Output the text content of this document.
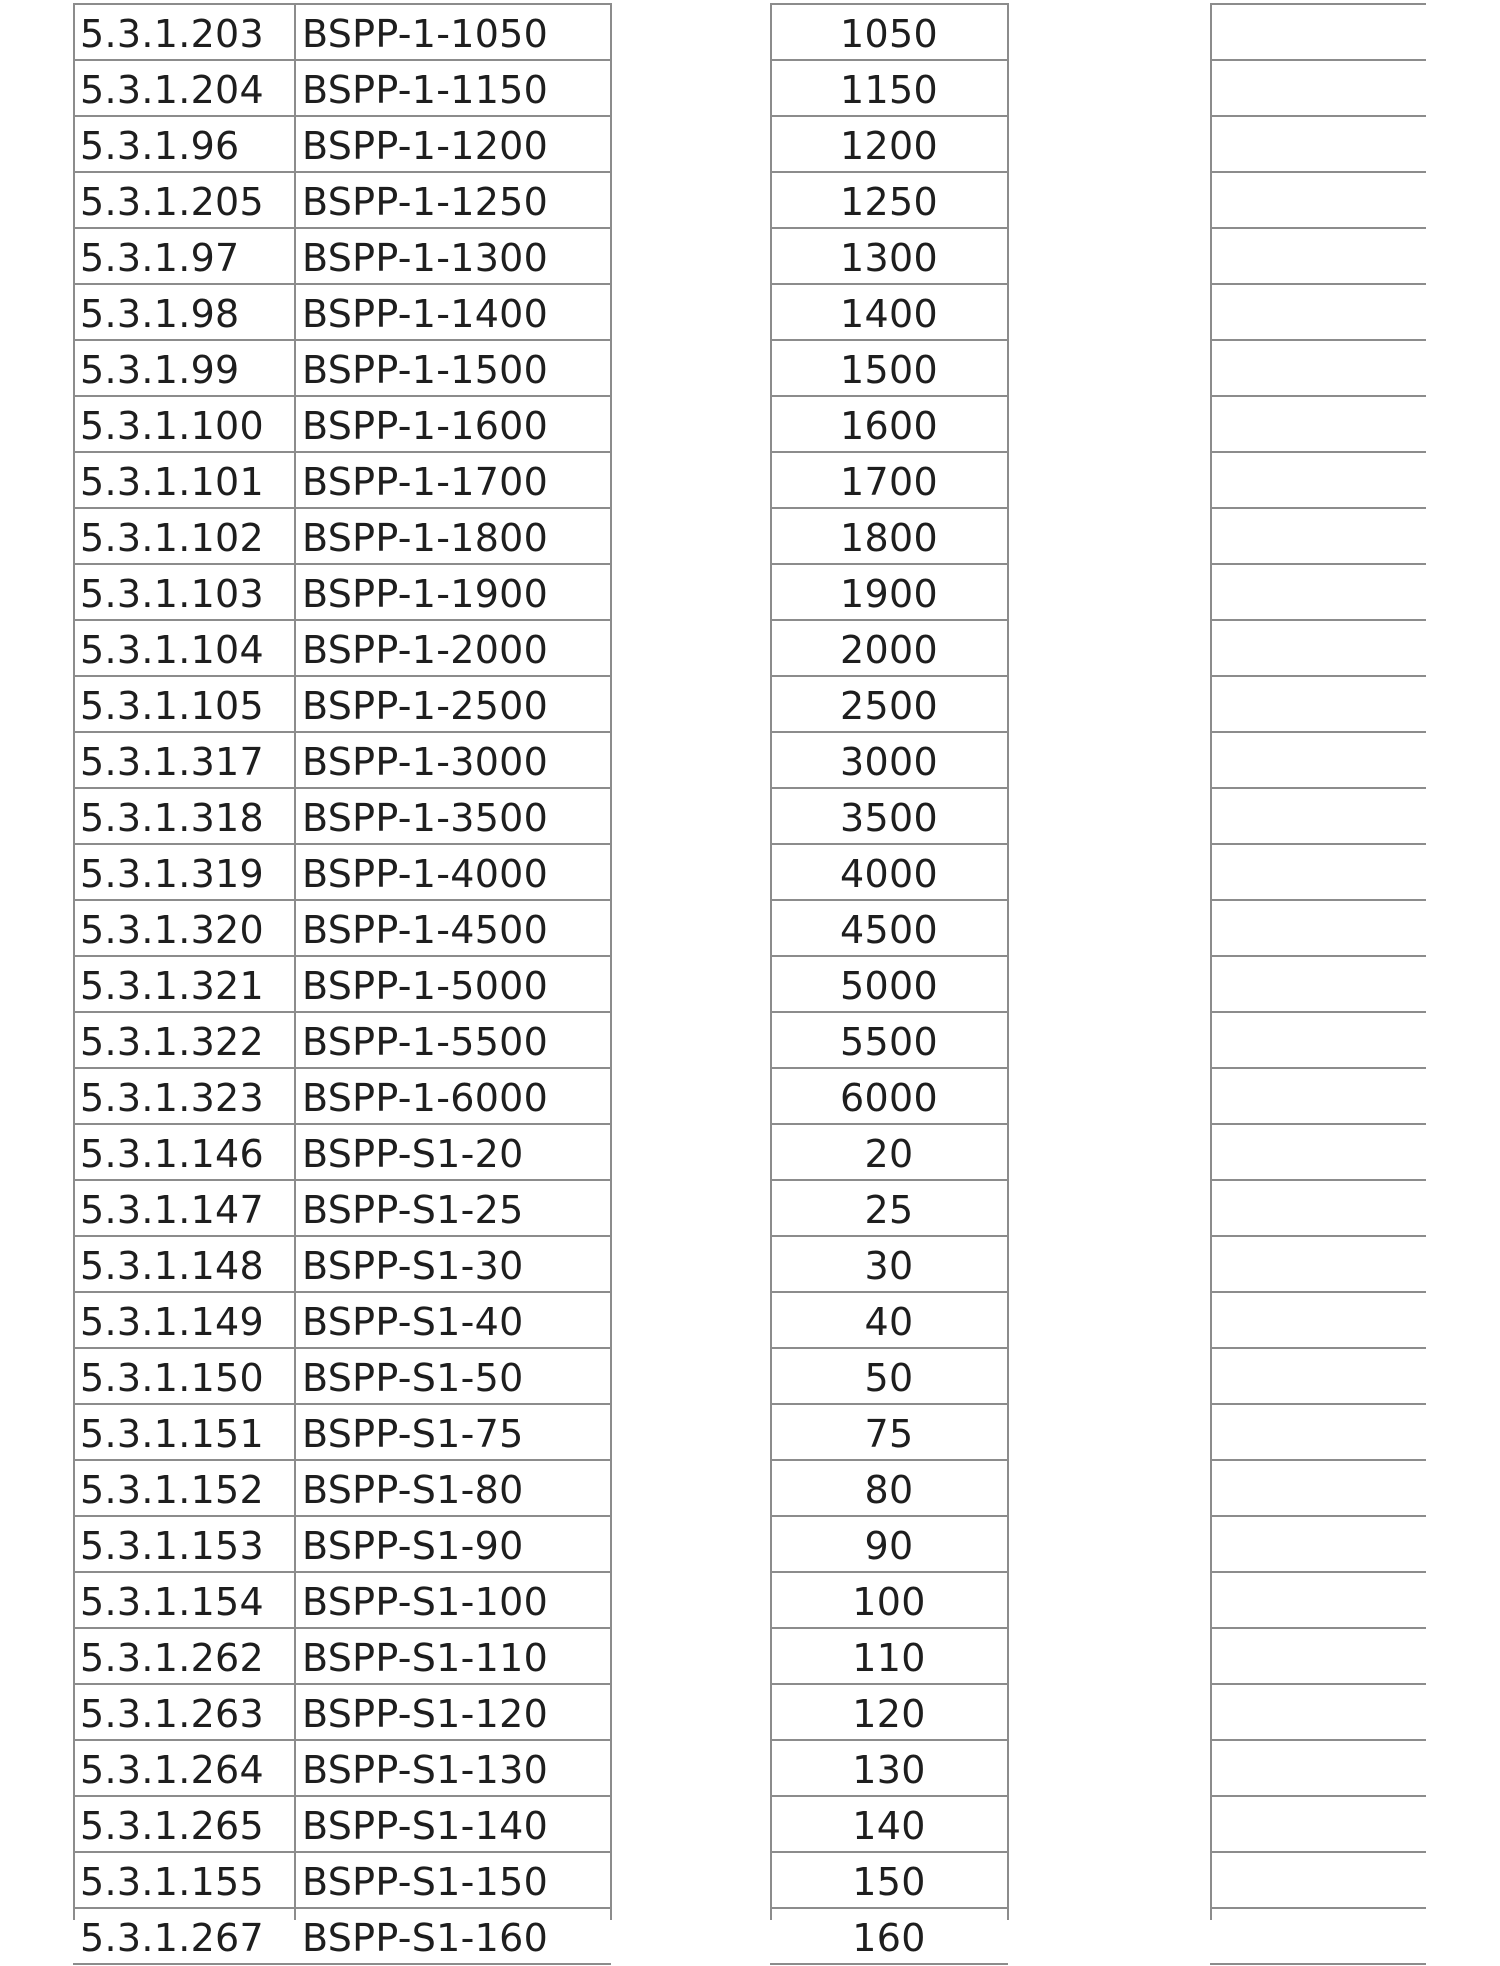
5.3.1.203	BSPP-1-1050	1050
5.3.1.204	BSPP-1-1150	1150
5.3.1.96	BSPP-1-1200	1200
5.3.1.205	BSPP-1-1250	1250
5.3.1.97	BSPP-1-1300	1300
5.3.1.98	BSPP-1-1400	1400
5.3.1.99	BSPP-1-1500	1500
5.3.1.100	BSPP-1-1600	1600
5.3.1.101	BSPP-1-1700	1700
5.3.1.102	BSPP-1-1800	1800
5.3.1.103	BSPP-1-1900	1900
5.3.1.104	BSPP-1-2000	2000
5.3.1.105	BSPP-1-2500	2500
5.3.1.317	BSPP-1-3000	3000
5.3.1.318	BSPP-1-3500	3500
5.3.1.319	BSPP-1-4000	4000
5.3.1.320	BSPP-1-4500	4500
5.3.1.321	BSPP-1-5000	5000
5.3.1.322	BSPP-1-5500	5500
5.3.1.323	BSPP-1-6000	6000
5.3.1.146	BSPP-S1-20	20
5.3.1.147	BSPP-S1-25	25
5.3.1.148	BSPP-S1-30	30
5.3.1.149	BSPP-S1-40	40
5.3.1.150	BSPP-S1-50	50
5.3.1.151	BSPP-S1-75	75
5.3.1.152	BSPP-S1-80	80
5.3.1.153	BSPP-S1-90	90
5.3.1.154	BSPP-S1-100	100
5.3.1.262	BSPP-S1-110	110
5.3.1.263	BSPP-S1-120	120
5.3.1.264	BSPP-S1-130	130
5.3.1.265	BSPP-S1-140	140
5.3.1.155	BSPP-S1-150	150
5.3.1.267	BSPP-S1-160	160
